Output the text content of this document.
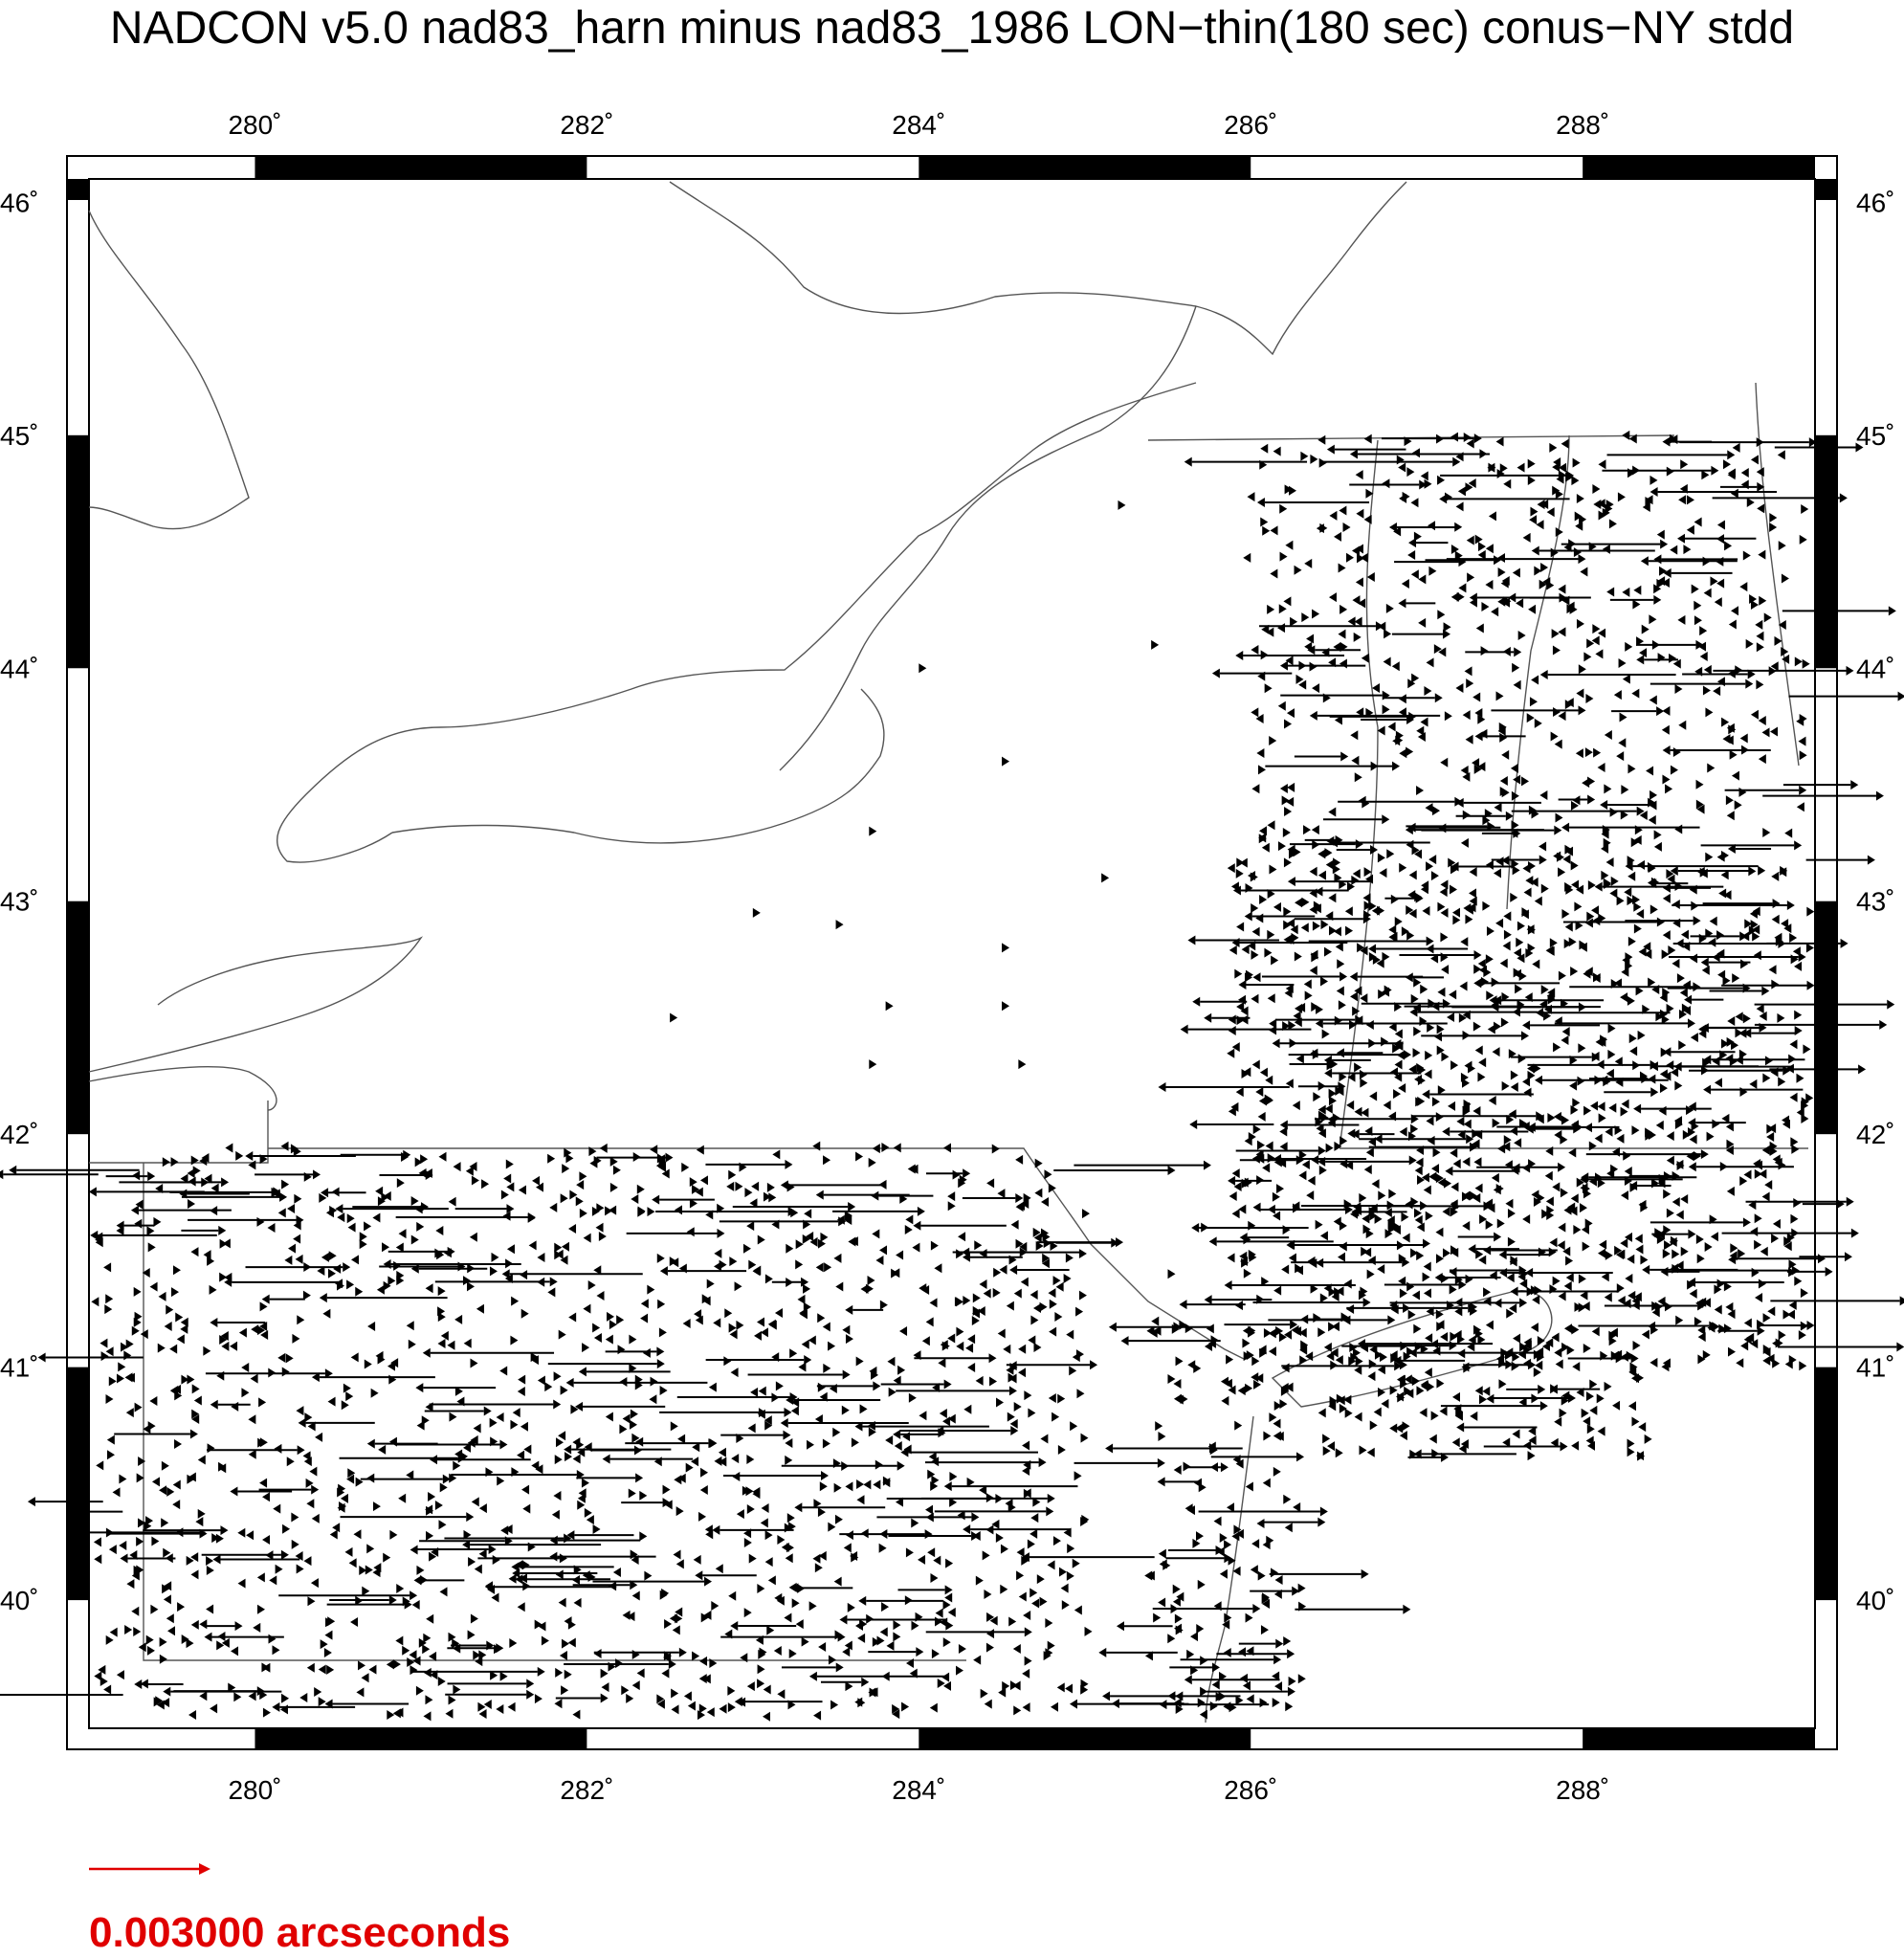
NADCON v5.0 nad83_harn minus nad83_1986 LON−thin(180 sec) conus−NY stdd
280˚	282˚	284˚	286˚	288˚
280˚	282˚	284˚	286˚	288˚
40˚
41˚
42˚
43˚
44˚
45˚
46˚
40˚
41˚
42˚
43˚
44˚
45˚
46˚
0.003000 arcseconds
